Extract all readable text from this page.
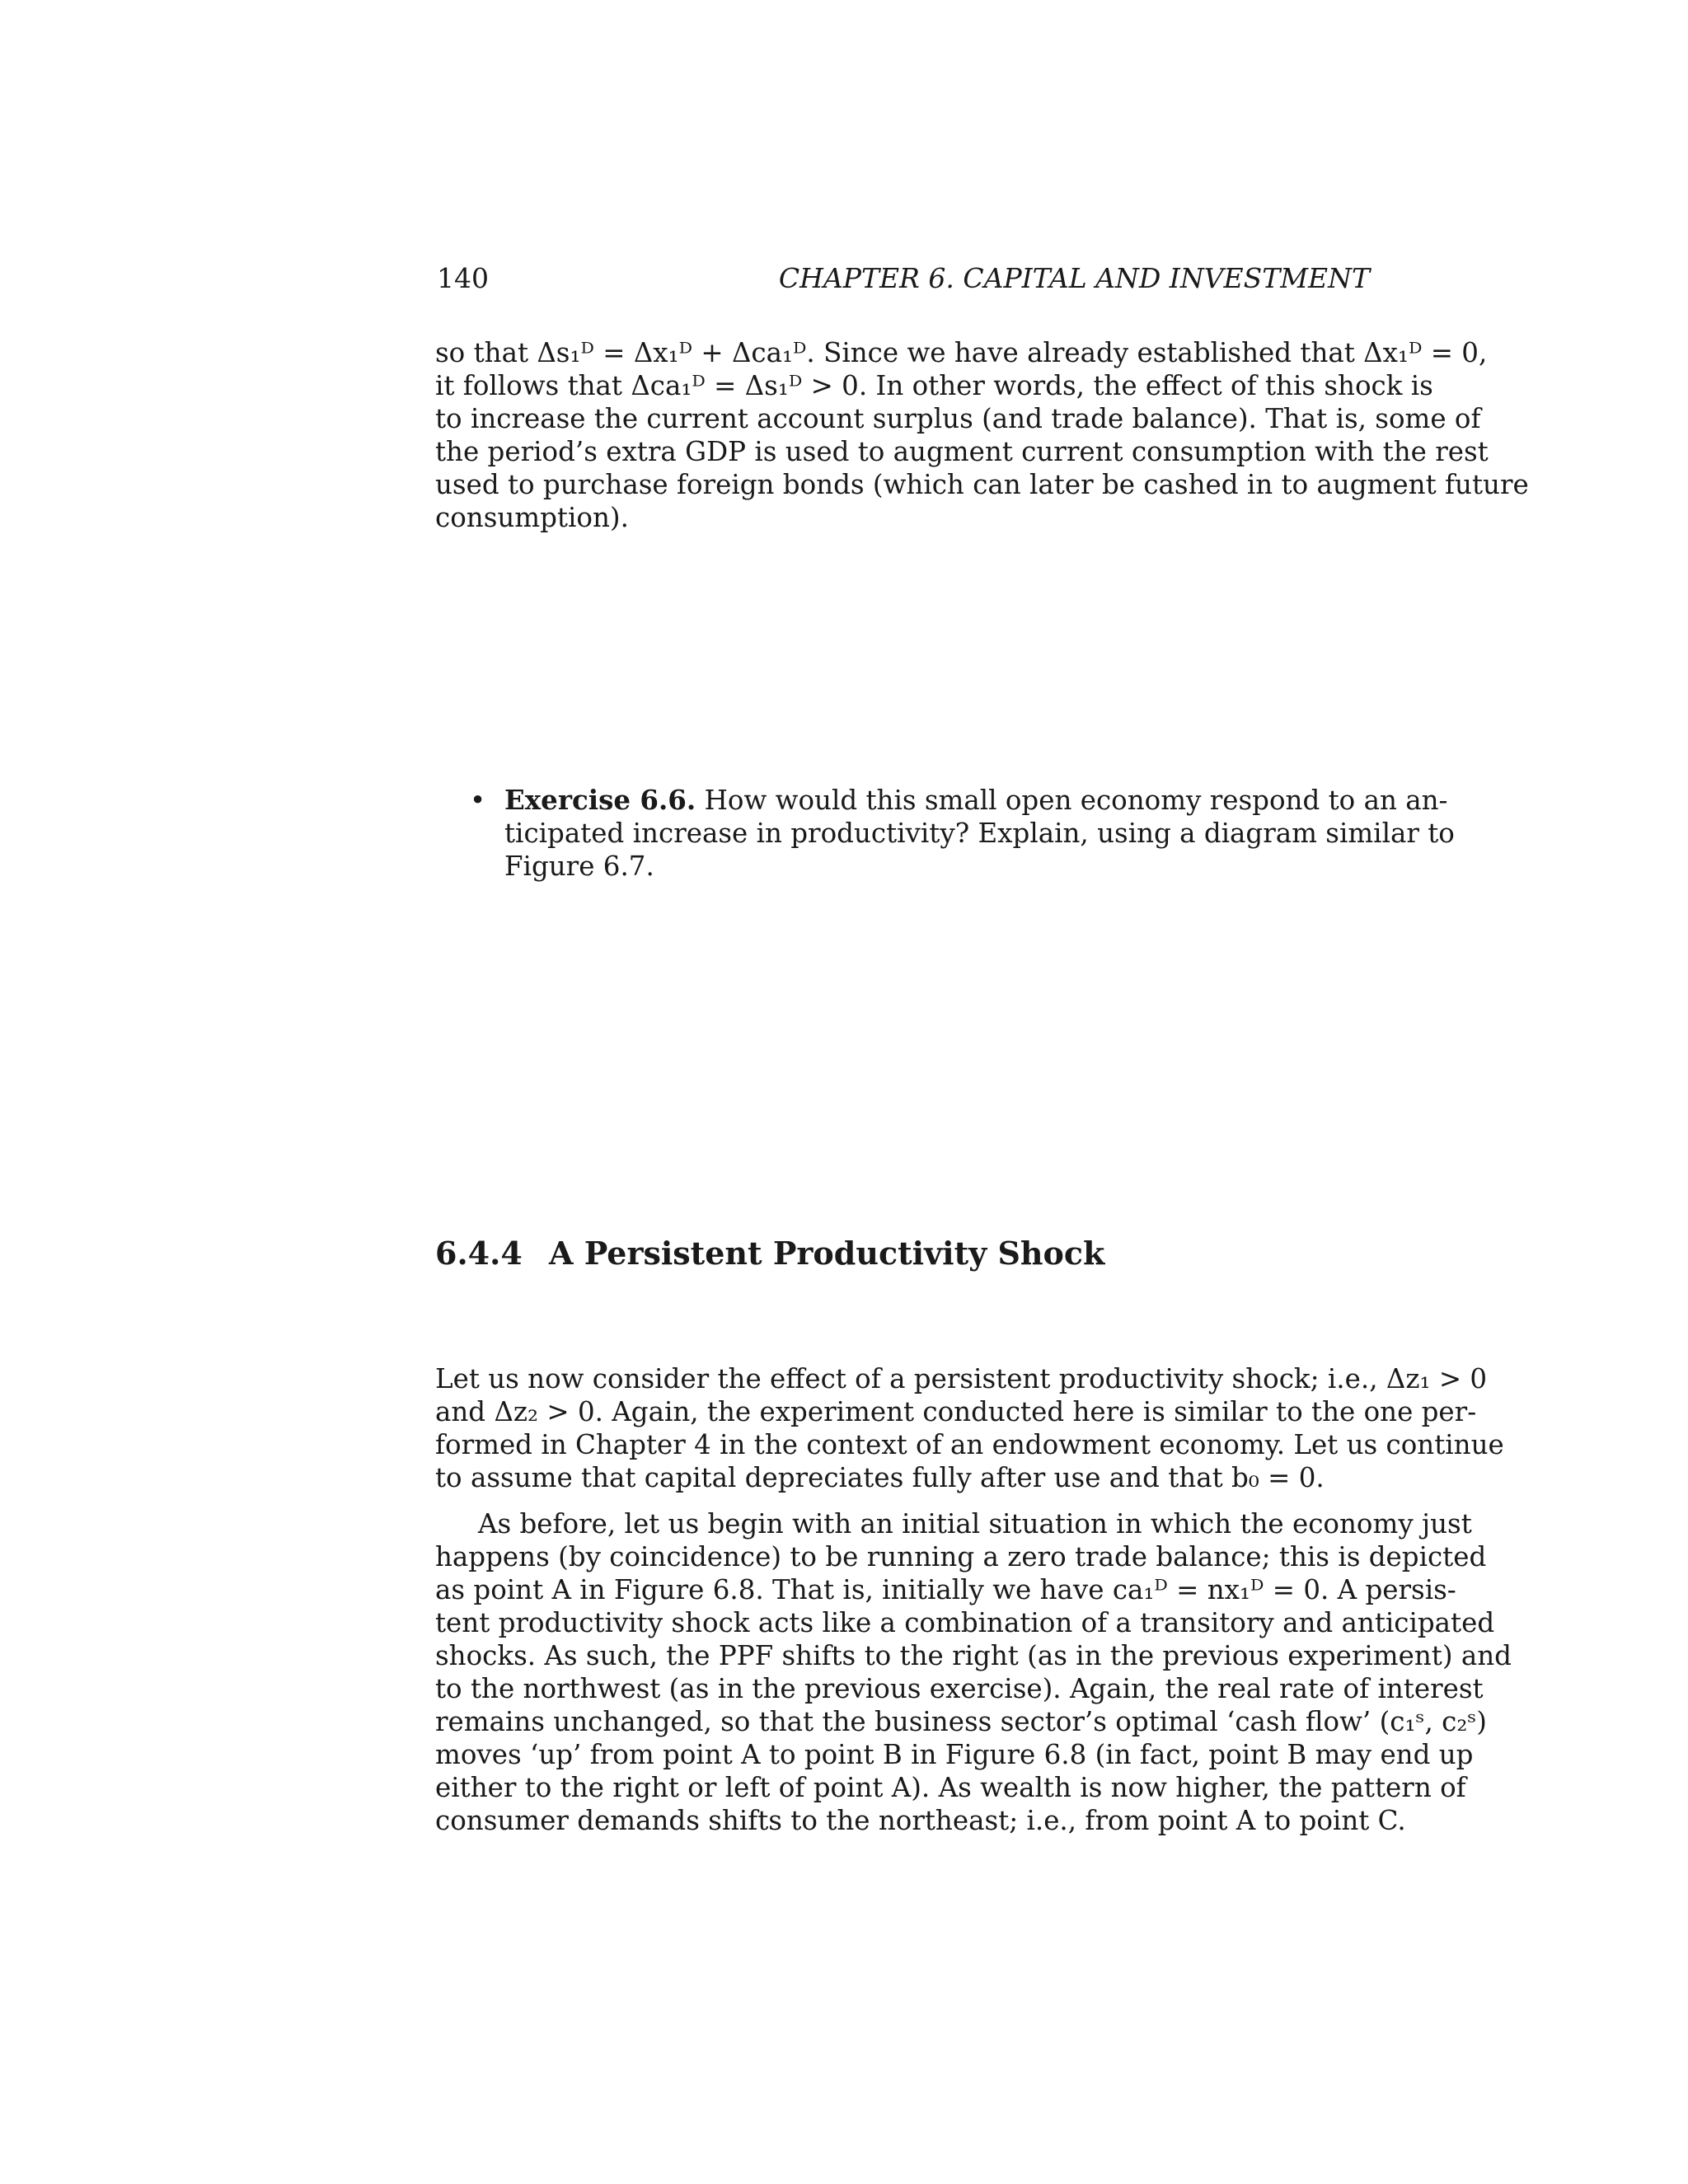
140	CHAPTER 6. CAPITAL AND INVESTMENT
so that Δs₁ᴰ = Δx₁ᴰ + Δca₁ᴰ. Since we have already established that Δx₁ᴰ = 0,
it follows that Δca₁ᴰ = Δs₁ᴰ > 0. In other words, the effect of this shock is
to increase the current account surplus (and trade balance). That is, some of
the period’s extra GDP is used to augment current consumption with the rest
used to purchase foreign bonds (which can later be cashed in to augment future
consumption).
• Exercise 6.6. How would this small open economy respond to an an-
ticipated increase in productivity? Explain, using a diagram similar to
Figure 6.7.
6.4.4 A Persistent Productivity Shock
Let us now consider the effect of a persistent productivity shock; i.e., Δz₁ > 0
and Δz₂ > 0. Again, the experiment conducted here is similar to the one per-
formed in Chapter 4 in the context of an endowment economy. Let us continue
to assume that capital depreciates fully after use and that b₀ = 0.
As before, let us begin with an initial situation in which the economy just
happens (by coincidence) to be running a zero trade balance; this is depicted
as point A in Figure 6.8. That is, initially we have ca₁ᴰ = nx₁ᴰ = 0. A persis-
tent productivity shock acts like a combination of a transitory and anticipated
shocks. As such, the PPF shifts to the right (as in the previous experiment) and
to the northwest (as in the previous exercise). Again, the real rate of interest
remains unchanged, so that the business sector’s optimal ‘cash flow’ (c₁ˢ, c₂ˢ)
moves ‘up’ from point A to point B in Figure 6.8 (in fact, point B may end up
either to the right or left of point A). As wealth is now higher, the pattern of
consumer demands shifts to the northeast; i.e., from point A to point C.
